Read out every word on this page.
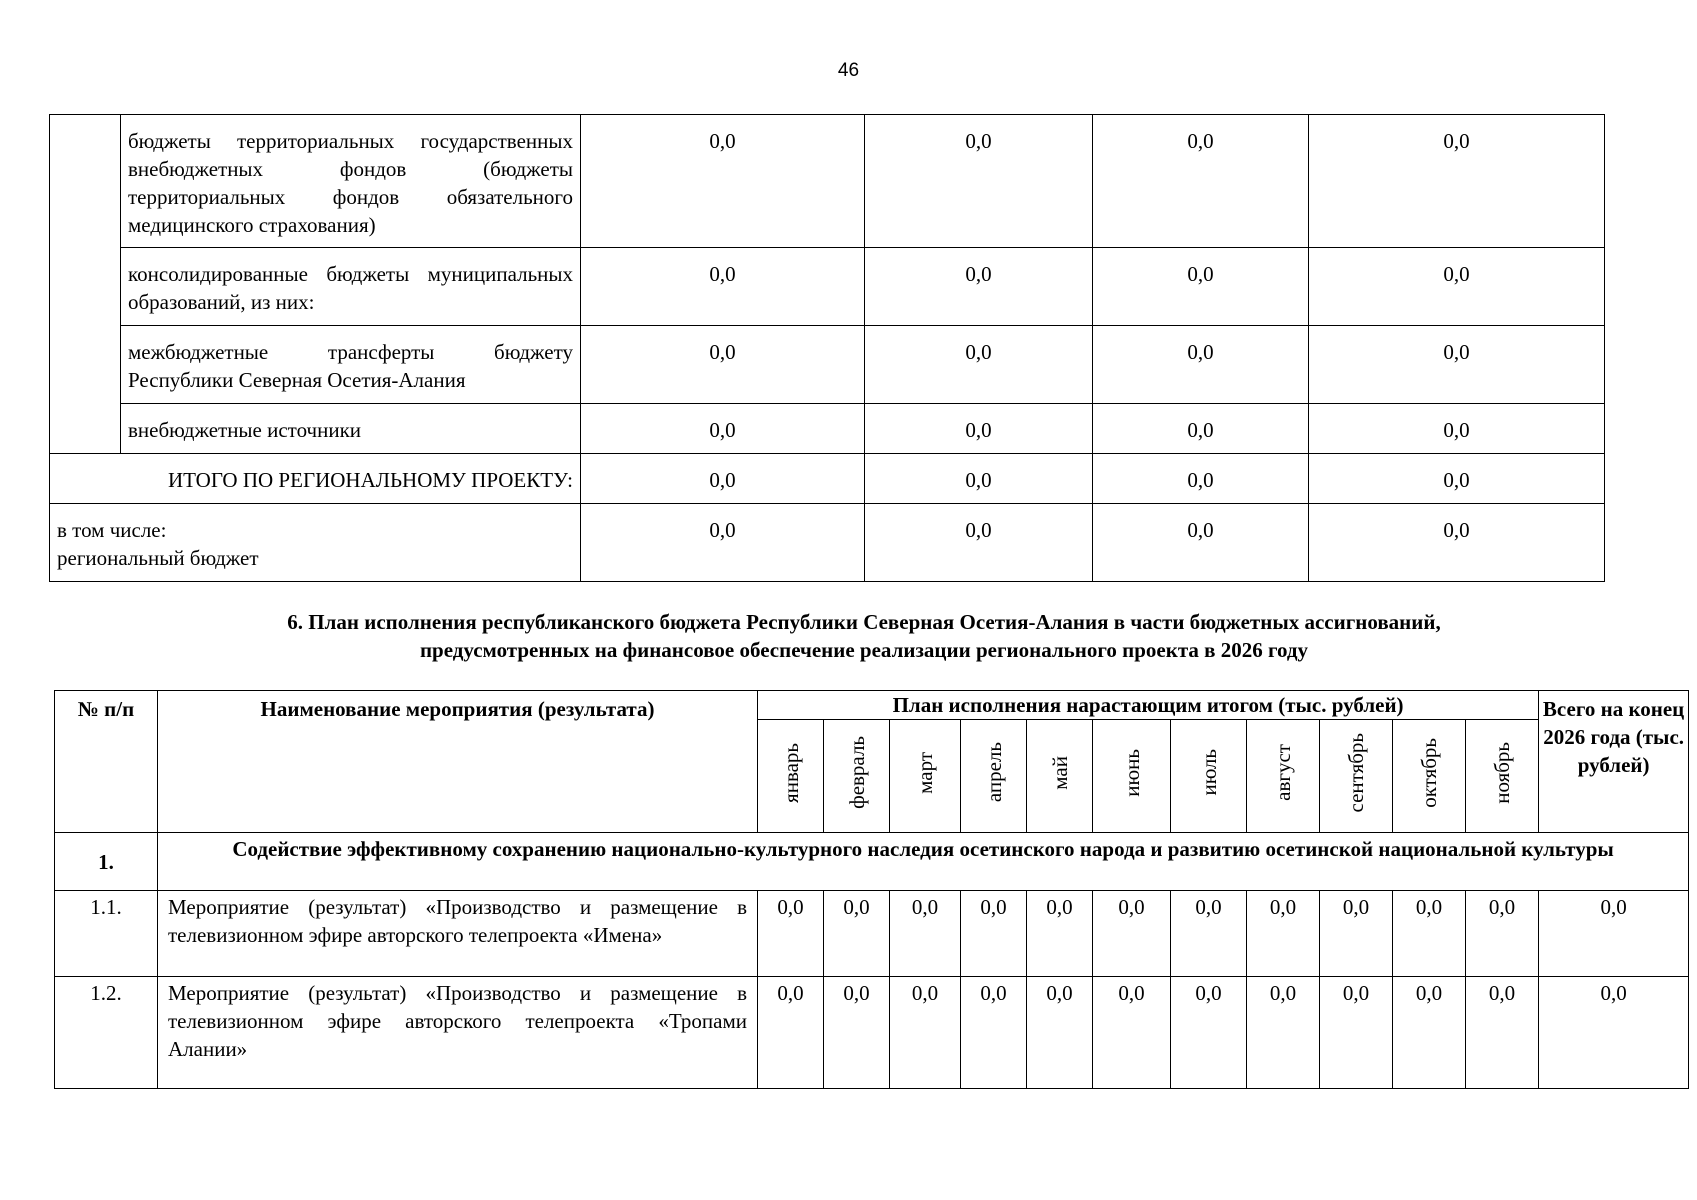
46
	бюджеты территориальных государственных внебюджетных фондов (бюджеты территориальных фондов обязательного медицинского страхования)	0,0	0,0	0,0	0,0
	консолидированные бюджеты муниципальных образований, из них:	0,0	0,0	0,0	0,0
	межбюджетные трансферты бюджету Республики Северная Осетия-Алания	0,0	0,0	0,0	0,0
	внебюджетные источники	0,0	0,0	0,0	0,0
ИТОГО ПО РЕГИОНАЛЬНОМУ ПРОЕКТУ:		0,0	0,0	0,0	0,0

в том числе:
региональный бюджет		0,0	0,0	0,0	0,0
6. План исполнения республиканского бюджета Республики Северная Осетия-Алания в части бюджетных ассигнований,
предусмотренных на финансовое обеспечение реализации регионального проекта в 2026 году
№ п/п	Наименование мероприятия (результата)	План исполнения нарастающим итогом (тыс. рублей)											Всего на конец 2026 года (тыс. рублей)
		январь	февраль	март	апрель	май	июнь	июль	август	сентябрь	октябрь	ноябрь	
1.	Содействие эффективному сохранению национально-культурного наследия осетинского народа и развитию осетинской национальной культуры												
1.1.	Мероприятие (результат) «Производство и размещение в телевизионном эфире авторского телепроекта «Имена»	0,0	0,0	0,0	0,0	0,0	0,0	0,0	0,0	0,0	0,0	0,0	0,0
1.2.	Мероприятие (результат) «Производство и размещение в телевизионном эфире авторского телепроекта «Тропами Алании»	0,0	0,0	0,0	0,0	0,0	0,0	0,0	0,0	0,0	0,0	0,0	0,0
